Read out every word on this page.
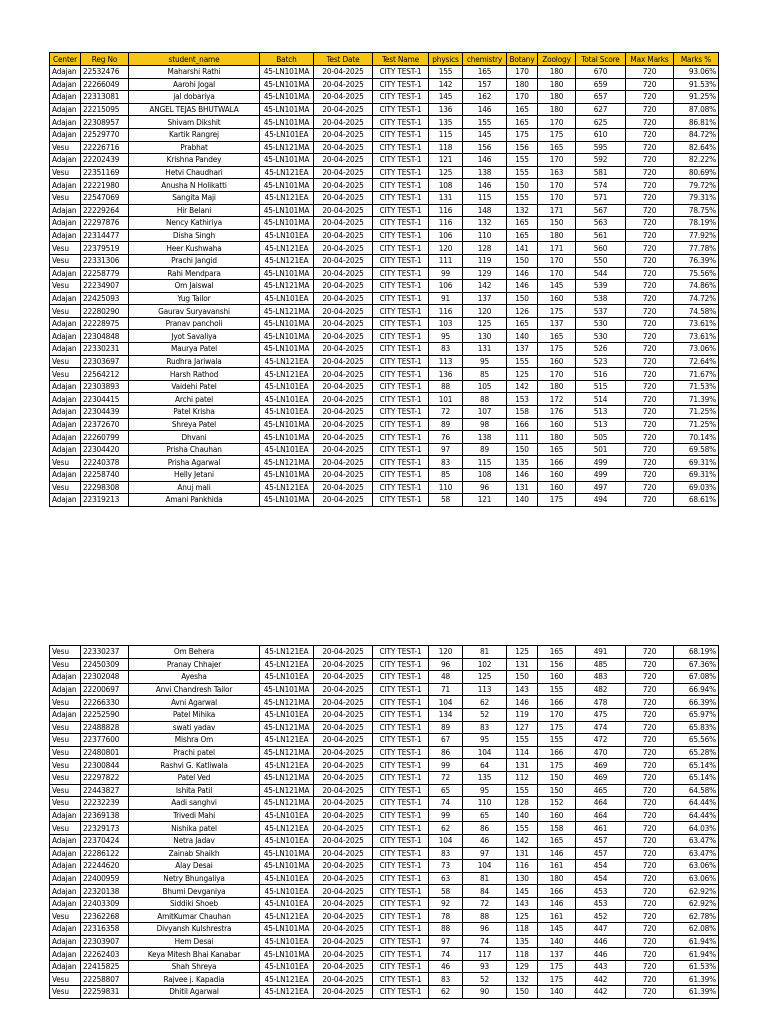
Center	Reg No	student_name	Batch	Test Date	Test Name	physics	chemistry	Botany	Zoology	Total Score	Max Marks	Marks %
Adajan	22532476	Maharshi Rathi	45-LN101MA	20-04-2025	CITY TEST-1	155	165	170	180	670	720	93.06%
Adajan	22266049	Aarohi Jogal	45-LN101MA	20-04-2025	CITY TEST-1	142	157	180	180	659	720	91.53%
Adajan	22313081	jal dobariya	45-LN101MA	20-04-2025	CITY TEST-1	145	162	170	180	657	720	91.25%
Adajan	22215095	ANGEL TEJAS BHUTWALA	45-LN101MA	20-04-2025	CITY TEST-1	136	146	165	180	627	720	87.08%
Adajan	22308957	Shivam Dikshit	45-LN101MA	20-04-2025	CITY TEST-1	135	155	165	170	625	720	86.81%
Adajan	22529770	Kartik Rangrej	45-LN101EA	20-04-2025	CITY TEST-1	115	145	175	175	610	720	84.72%
Vesu	22226716	Prabhat	45-LN121MA	20-04-2025	CITY TEST-1	118	156	156	165	595	720	82.64%
Adajan	22202439	Krishna Pandey	45-LN101MA	20-04-2025	CITY TEST-1	121	146	155	170	592	720	82.22%
Vesu	22351169	Hetvi Chaudhari	45-LN121EA	20-04-2025	CITY TEST-1	125	138	155	163	581	720	80.69%
Adajan	22221980	Anusha N Holikatti	45-LN101MA	20-04-2025	CITY TEST-1	108	146	150	170	574	720	79.72%
Vesu	22547069	Sangita Maji	45-LN121EA	20-04-2025	CITY TEST-1	131	115	155	170	571	720	79.31%
Adajan	22229264	Hir Belani	45-LN101MA	20-04-2025	CITY TEST-1	116	148	132	171	567	720	78.75%
Adajan	22297876	Nency Kathiriya	45-LN101MA	20-04-2025	CITY TEST-1	116	132	165	150	563	720	78.19%
Adajan	22314477	Disha Singh	45-LN101EA	20-04-2025	CITY TEST-1	106	110	165	180	561	720	77.92%
Vesu	22379519	Heer Kushwaha	45-LN121EA	20-04-2025	CITY TEST-1	120	128	141	171	560	720	77.78%
Vesu	22331306	Prachi Jangid	45-LN121EA	20-04-2025	CITY TEST-1	111	119	150	170	550	720	76.39%
Adajan	22258779	Rahi Mendpara	45-LN101MA	20-04-2025	CITY TEST-1	99	129	146	170	544	720	75.56%
Vesu	22234907	Om Jaiswal	45-LN121MA	20-04-2025	CITY TEST-1	106	142	146	145	539	720	74.86%
Adajan	22425093	Yug Tailor	45-LN101EA	20-04-2025	CITY TEST-1	91	137	150	160	538	720	74.72%
Vesu	22280290	Gaurav Suryavanshi	45-LN121MA	20-04-2025	CITY TEST-1	116	120	126	175	537	720	74.58%
Adajan	22228975	Pranav pancholi	45-LN101MA	20-04-2025	CITY TEST-1	103	125	165	137	530	720	73.61%
Adajan	22304848	Jyot Savaliya	45-LN101MA	20-04-2025	CITY TEST-1	95	130	140	165	530	720	73.61%
Adajan	22330231	Maurya Patel	45-LN101MA	20-04-2025	CITY TEST-1	83	131	137	175	526	720	73.06%
Vesu	22303697	Rudhra Jariwala	45-LN121EA	20-04-2025	CITY TEST-1	113	95	155	160	523	720	72.64%
Vesu	22564212	Harsh Rathod	45-LN121EA	20-04-2025	CITY TEST-1	136	85	125	170	516	720	71.67%
Adajan	22303893	Vaidehi Patel	45-LN101EA	20-04-2025	CITY TEST-1	88	105	142	180	515	720	71.53%
Adajan	22304415	Archi patel	45-LN101EA	20-04-2025	CITY TEST-1	101	88	153	172	514	720	71.39%
Adajan	22304439	Patel Krisha	45-LN101EA	20-04-2025	CITY TEST-1	72	107	158	176	513	720	71.25%
Adajan	22372670	Shreya Patel	45-LN101MA	20-04-2025	CITY TEST-1	89	98	166	160	513	720	71.25%
Adajan	22260799	Dhvani	45-LN101MA	20-04-2025	CITY TEST-1	76	138	111	180	505	720	70.14%
Adajan	22304420	Prisha Chauhan	45-LN101EA	20-04-2025	CITY TEST-1	97	89	150	165	501	720	69.58%
Vesu	22240378	Prisha Agarwal	45-LN121MA	20-04-2025	CITY TEST-1	83	115	135	166	499	720	69.31%
Adajan	22258740	Helly Jetani	45-LN101MA	20-04-2025	CITY TEST-1	85	108	146	160	499	720	69.31%
Vesu	22298308	Anuj mali	45-LN121EA	20-04-2025	CITY TEST-1	110	96	131	160	497	720	69.03%
Adajan	22319213	Amani Pankhida	45-LN101MA	20-04-2025	CITY TEST-1	58	121	140	175	494	720	68.61%
Vesu	22330237	Om Behera	45-LN121EA	20-04-2025	CITY TEST-1	120	81	125	165	491	720	68.19%
Vesu	22450309	Pranay Chhajer	45-LN121EA	20-04-2025	CITY TEST-1	96	102	131	156	485	720	67.36%
Adajan	22302048	Ayesha	45-LN101EA	20-04-2025	CITY TEST-1	48	125	150	160	483	720	67.08%
Adajan	22200697	Anvi Chandresh Tailor	45-LN101MA	20-04-2025	CITY TEST-1	71	113	143	155	482	720	66.94%
Vesu	22266330	Avni Agarwal	45-LN121MA	20-04-2025	CITY TEST-1	104	62	146	166	478	720	66.39%
Adajan	22252590	Patel Mihika	45-LN101EA	20-04-2025	CITY TEST-1	134	52	119	170	475	720	65.97%
Vesu	22488828	swati yadav	45-LN121MA	20-04-2025	CITY TEST-1	89	83	127	175	474	720	65.83%
Vesu	22377600	Mishra Om	45-LN121EA	20-04-2025	CITY TEST-1	67	95	155	155	472	720	65.56%
Vesu	22480801	Prachi patel	45-LN121MA	20-04-2025	CITY TEST-1	86	104	114	166	470	720	65.28%
Vesu	22300844	Rashvi G. Katliwala	45-LN121EA	20-04-2025	CITY TEST-1	99	64	131	175	469	720	65.14%
Vesu	22297822	Patel Ved	45-LN121MA	20-04-2025	CITY TEST-1	72	135	112	150	469	720	65.14%
Vesu	22443827	Ishita Patil	45-LN121MA	20-04-2025	CITY TEST-1	65	95	155	150	465	720	64.58%
Vesu	22232239	Aadi sanghvi	45-LN121MA	20-04-2025	CITY TEST-1	74	110	128	152	464	720	64.44%
Adajan	22369138	Trivedi Mahi	45-LN101EA	20-04-2025	CITY TEST-1	99	65	140	160	464	720	64.44%
Vesu	22329173	Nishika patel	45-LN121EA	20-04-2025	CITY TEST-1	62	86	155	158	461	720	64.03%
Adajan	22370424	Netra Jadav	45-LN101EA	20-04-2025	CITY TEST-1	104	46	142	165	457	720	63.47%
Adajan	22286122	Zainab Shaikh	45-LN101MA	20-04-2025	CITY TEST-1	83	97	131	146	457	720	63.47%
Adajan	22244620	Alay Desai	45-LN101MA	20-04-2025	CITY TEST-1	73	104	116	161	454	720	63.06%
Adajan	22400959	Netry Bhungaliya	45-LN101EA	20-04-2025	CITY TEST-1	63	81	130	180	454	720	63.06%
Adajan	22320138	Bhumi Devganiya	45-LN101EA	20-04-2025	CITY TEST-1	58	84	145	166	453	720	62.92%
Adajan	22403309	Siddiki Shoeb	45-LN101EA	20-04-2025	CITY TEST-1	92	72	143	146	453	720	62.92%
Vesu	22362268	AmitKumar Chauhan	45-LN121EA	20-04-2025	CITY TEST-1	78	88	125	161	452	720	62.78%
Adajan	22316358	Divyansh Kulshrestra	45-LN101MA	20-04-2025	CITY TEST-1	88	96	118	145	447	720	62.08%
Adajan	22303907	Hem Desai	45-LN101EA	20-04-2025	CITY TEST-1	97	74	135	140	446	720	61.94%
Adajan	22262403	Keya Mitesh Bhai Kanabar	45-LN101MA	20-04-2025	CITY TEST-1	74	117	118	137	446	720	61.94%
Adajan	22415825	Shah Shreya	45-LN101EA	20-04-2025	CITY TEST-1	46	93	129	175	443	720	61.53%
Vesu	22258807	Rajvee j. Kapadia	45-LN121EA	20-04-2025	CITY TEST-1	83	52	132	175	442	720	61.39%
Vesu	22259831	Dhitil Agarwal	45-LN121EA	20-04-2025	CITY TEST-1	62	90	150	140	442	720	61.39%
